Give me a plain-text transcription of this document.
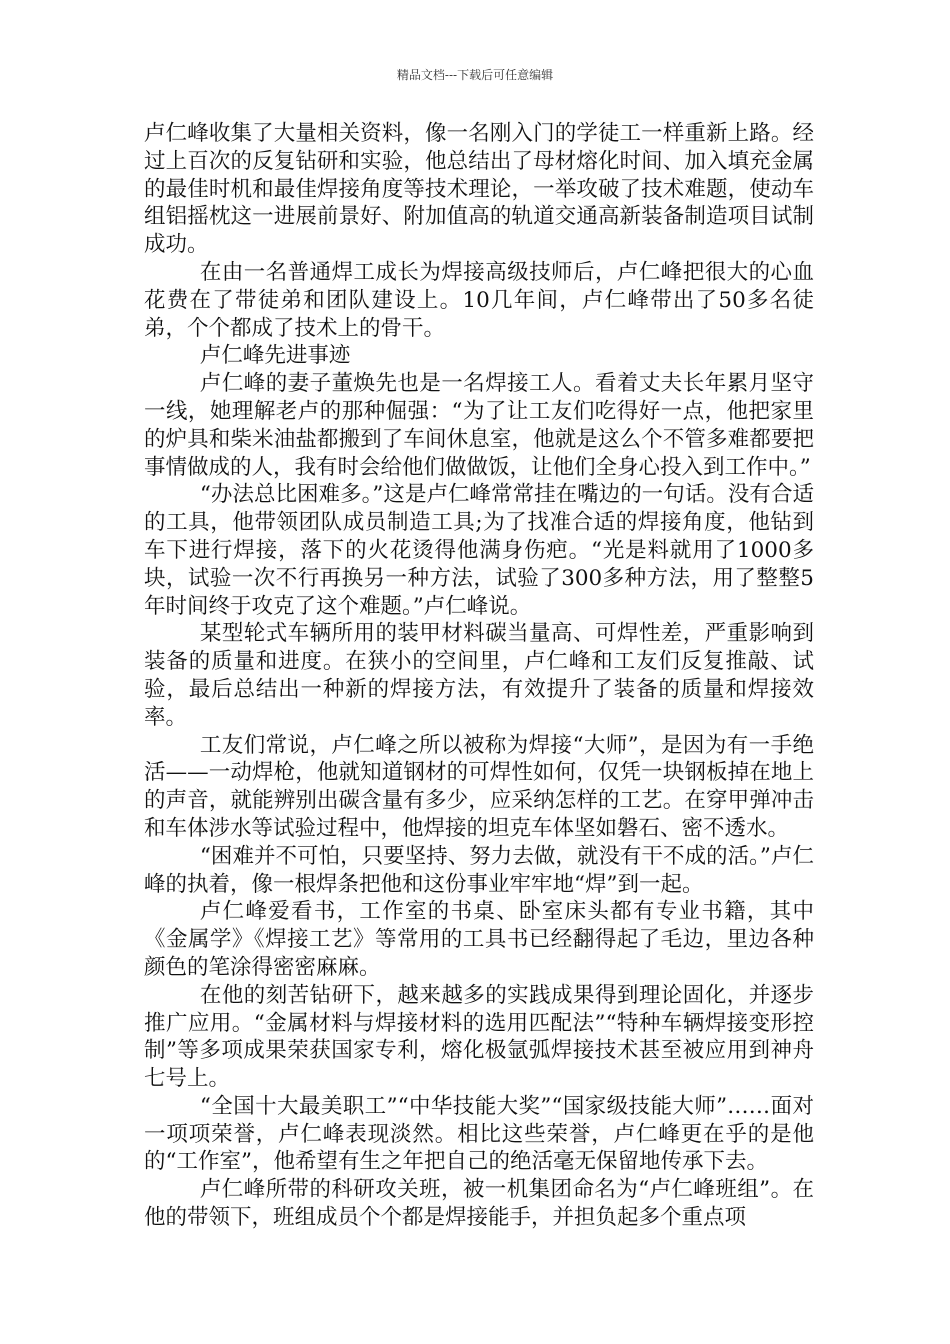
精品文档---下载后可任意编辑

卢仁峰收集了大量相关资料，像一名刚入门的学徒工一样重新上路。经过上百次的反复钻研和实验，他总结出了母材熔化时间、加入填充金属的最佳时机和最佳焊接角度等技术理论，一举攻破了技术难题，使动车组铝摇枕这一进展前景好、附加值高的轨道交通高新装备制造项目试制成功。

在由一名普通焊工成长为焊接高级技师后，卢仁峰把很大的心血花费在了带徒弟和团队建设上。10几年间，卢仁峰带出了50多名徒弟，个个都成了技术上的骨干。

卢仁峰先进事迹

卢仁峰的妻子董焕先也是一名焊接工人。看着丈夫长年累月坚守一线，她理解老卢的那种倔强：“为了让工友们吃得好一点，他把家里的炉具和柴米油盐都搬到了车间休息室，他就是这么个不管多难都要把事情做成的人，我有时会给他们做做饭，让他们全身心投入到工作中。”

“办法总比困难多。”这是卢仁峰常常挂在嘴边的一句话。没有合适的工具，他带领团队成员制造工具;为了找准合适的焊接角度，他钻到车下进行焊接，落下的火花烫得他满身伤疤。“光是料就用了1000多块，试验一次不行再换另一种方法，试验了300多种方法，用了整整5年时间终于攻克了这个难题。”卢仁峰说。

某型轮式车辆所用的装甲材料碳当量高、可焊性差，严重影响到装备的质量和进度。在狭小的空间里，卢仁峰和工友们反复推敲、试验，最后总结出一种新的焊接方法，有效提升了装备的质量和焊接效率。

工友们常说，卢仁峰之所以被称为焊接“大师”，是因为有一手绝活——一动焊枪，他就知道钢材的可焊性如何，仅凭一块钢板掉在地上的声音，就能辨别出碳含量有多少，应采纳怎样的工艺。在穿甲弹冲击和车体涉水等试验过程中，他焊接的坦克车体坚如磐石、密不透水。

“困难并不可怕，只要坚持、努力去做，就没有干不成的活。”卢仁峰的执着，像一根焊条把他和这份事业牢牢地“焊”到一起。

卢仁峰爱看书，工作室的书桌、卧室床头都有专业书籍，其中《金属学》《焊接工艺》等常用的工具书已经翻得起了毛边，里边各种颜色的笔涂得密密麻麻。

在他的刻苦钻研下，越来越多的实践成果得到理论固化，并逐步推广应用。“金属材料与焊接材料的选用匹配法”“特种车辆焊接变形控制”等多项成果荣获国家专利，熔化极氩弧焊接技术甚至被应用到神舟七号上。

“全国十大最美职工”“中华技能大奖”“国家级技能大师”……面对一项项荣誉，卢仁峰表现淡然。相比这些荣誉，卢仁峰更在乎的是他的“工作室”，他希望有生之年把自己的绝活毫无保留地传承下去。

卢仁峰所带的科研攻关班，被一机集团命名为“卢仁峰班组”。在他的带领下，班组成员个个都是焊接能手，并担负起多个重点项
